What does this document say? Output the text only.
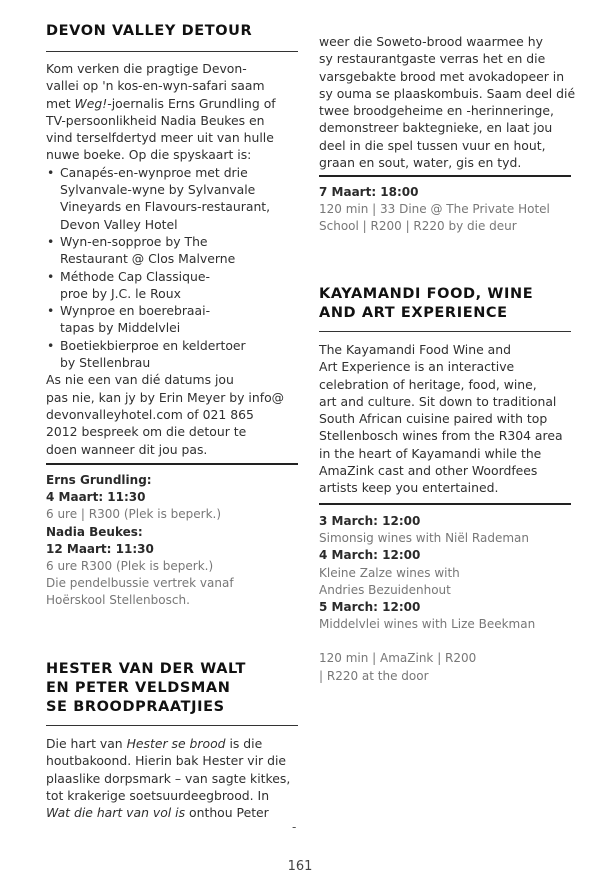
DEVON VALLEY DETOUR

Kom verken die pragtige Devon-

vallei op 'n kos-en-wyn-safari saam

met Weg!-joernalis Erns Grundling of

TV-persoonlikheid Nadia Beukes en

vind terselfdertyd meer uit van hulle

nuwe boeke. Op die spyskaart is:

• Canapés-en-wynproe met drie
Sylvanvale-wyne by Sylvanvale
Vineyards en Flavours-restaurant,
Devon Valley Hotel
• Wyn-en-sopproe by The
Restaurant @ Clos Malverne
• Méthode Cap Classique-
proe by J.C. le Roux
• Wynproe en boerebraai-
tapas by Middelvlei
• Boetiekbierproe en keldertoer
by Stellenbrau

As nie een van dié datums jou

pas nie, kan jy by Erin Meyer by info@

devonvalleyhotel.com of 021 865

2012 bespreek om die detour te

doen wanneer dit jou pas.

Erns Grundling:

4 Maart: 11:30

6 ure | R300 (Plek is beperk.)

Nadia Beukes:

12 Maart: 11:30

6 ure R300 (Plek is beperk.)

Die pendelbussie vertrek vanaf

Hoërskool Stellenbosch.

HESTER VAN DER WALT
EN PETER VELDSMAN
SE BROODPRAATJIES

Die hart van Hester se brood is die

houtbakoond. Hierin bak Hester vir die

plaaslike dorpsmark – van sagte kitkes,

tot krakerige soetsuurdeegbrood. In

Wat die hart van vol is onthou Peter

weer die Soweto-brood waarmee hy

sy restaurantgaste verras het en die

varsgebakte brood met avokadopeer in

sy ouma se plaaskombuis. Saam deel dié

twee broodgeheime en -herinneringe,

demonstreer baktegnieke, en laat jou

deel in die spel tussen vuur en hout,

graan en sout, water, gis en tyd.

7 Maart: 18:00

120 min | 33 Dine @ The Private Hotel

School | R200 | R220 by die deur

KAYAMANDI FOOD, WINE
AND ART EXPERIENCE

The Kayamandi Food Wine and

Art Experience is an interactive

celebration of heritage, food, wine,

art and culture. Sit down to traditional

South African cuisine paired with top

Stellenbosch wines from the R304 area

in the heart of Kayamandi while the

AmaZink cast and other Woordfees

artists keep you entertained.

3 March: 12:00

Simonsig wines with Niël Rademan

4 March: 12:00

Kleine Zalze wines with

Andries Bezuidenhout

5 March: 12:00

Middelvlei wines with Lize Beekman

120 min | AmaZink | R200

| R220 at the door

-
161
